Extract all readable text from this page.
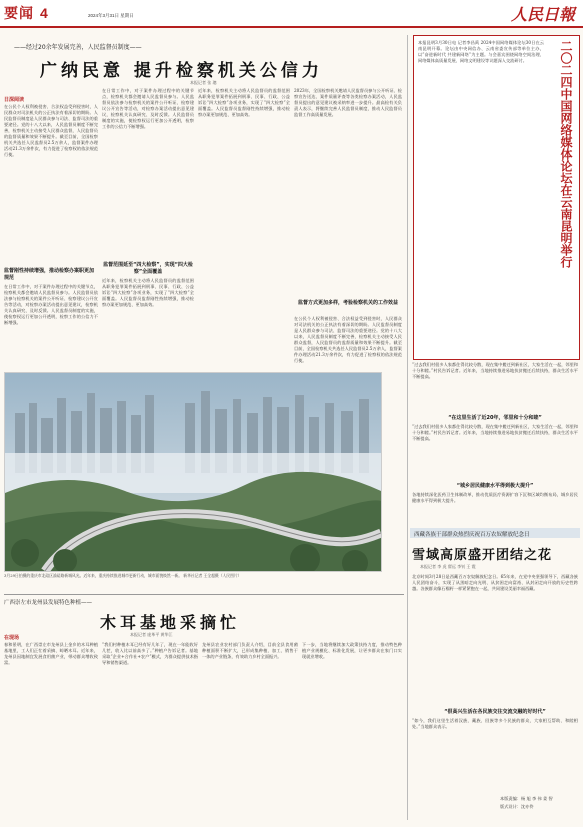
要闻 4	2024年3月31日 星期日	人民日報
——经过20余年发展完善，人民监督员制度——
广纳民意 提升检察机关公信力
本报记者 张 璁
日深阅读
在公民个人权利被侵害、合法权益受到侵害时，人民群众对司法机关的公正执法有着深切的期盼。人民监督员制度是人民群众参与司法、监督司法的重要途径。党的十八大以来，人民监督员制度不断完善，检察机关主动接受人民群众监督，人民监督员的监督质量和效果不断提升。截至目前，全国检察机关共选任人民监督员2.5万余人，监督案件办理活动21.3万余件次，有力促进了检察权的依法规范行使。
监督刚性持续增强，推动检察办案职更加规范
在日常工作中，对于案件办理过程中的关键节点，检察机关都会邀请人民监督员参与。人民监督员依法参与检察机关的案件公开听证、检察建议公开宣告等活动，对检察办案活动提出意见建议，检察机关认真研究、及时反馈。人民监督员制度的实施，使检察权运行更加公开透明，检察工作的公信力不断增强。
在日常工作中，对于案件办理过程中的关键节点，检察机关都会邀请人民监督员参与。人民监督员依法参与检察机关的案件公开听证、检察建议公开宣告等活动，对检察办案活动提出意见建议，检察机关认真研究、及时反馈。人民监督员制度的实施，使检察权运行更加公开透明，检察工作的公信力不断增强。
监督范围延至“四大检察”，实现“四大检察”全面覆盖
近年来，检察机关主动将人民监督员的监督范围从职务犯罪案件拓展到刑事、民事、行政、公益诉讼“四大检察”各项业务，实现了“四大检察”全面覆盖。人民监督员监督刚性持续增强，推动检察办案更加规范、更加高效。
近年来，检察机关主动将人民监督员的监督范围从职务犯罪案件拓展到刑事、民事、行政、公益诉讼“四大检察”各项业务，实现了“四大检察”全面覆盖。人民监督员监督刚性持续增强，推动检察办案更加规范、更加高效。
2023年，全国检察机关邀请人民监督员参与公开听证、检察宣告送达、案件质量评查等各类检察办案活动，人民监督员提出的意见建议被采纳率进一步提升。最高检有关负责人表示，将继续完善人民监督员制度，推动人民监督员监督工作高质量发展。
监督方式更加多样，考验检察机关的工作效益
在公民个人权利被侵害、合法权益受到侵害时，人民群众对司法机关的公正执法有着深切的期盼。人民监督员制度是人民群众参与司法、监督司法的重要途径。党的十八大以来，人民监督员制度不断完善，检察机关主动接受人民群众监督，人民监督员的监督质量和效果不断提升。截至目前，全国检察机关共选任人民监督员2.5万余人，监督案件办理活动21.3万余件次，有力促进了检察权的依法规范行使。
3月29日拍摄的重庆市北碚区渝碚路新城风光。近年来，重庆持续推进城市更新行动，城市面貌焕然一新。 新华社记者 王全超摄（人民图片）
二〇二四中国网络媒体论坛在云南昆明举行
本报昆明3月30日电 记者李昌禹 2024中国网络媒体论坛30日在云南昆明开幕。论坛由中央网信办、云南省委宣传部等单位主办，以“奋进新时代 共建新网络”为主题。与会嘉宾围绕网络空间治理、网络媒体高质量发展、网络文明建设等议题深入交流研讨。
“过去我们村很多人家都住得比较分散，现在集中搬迁到新社区，大家生活在一起，邻里和十分和睦。”村民告诉记者。近年来，当地持续推进易地扶贫搬迁后续扶持，群众生活水平不断提高。
“在这里生活了近20年，邻里和十分和睦”
“过去我们村很多人家都住得比较分散，现在集中搬迁到新社区，大家生活在一起，邻里和十分和睦。”村民告诉记者。近年来，当地持续推进易地扶贫搬迁后续扶持，群众生活水平不断提高。
“城乡居民健康水平得到极大提升”
各地持续深化医药卫生体制改革，推动优质医疗资源扩容下沉和区域均衡布局，城乡居民健康水平得到极大提升。
西藏各族干部群众热烈庆祝百万农奴解放纪念日
雪域高原盛开团结之花
本报记者 李 虎 翟远 李钊 王 霞
北京时间3月28日是西藏百万农奴解放纪念日。65年来，在党中央坚强领导下，西藏各族人民团结奋斗，实现了从黑暗走向光明、从贫困走向富裕、从封闭走向开放的历史性跨越。各族群众像石榴籽一样紧紧抱在一起，共同建设美丽幸福西藏。
“很高兴生活在各民族交往交流交融的好时代”
“如今，我们这里生活着汉族、藏族、回族等多个民族的群众，大家相互帮助、和睦相处。”当地群众表示。
本版责编：杨 旭 李 伟 姜 智
版式设计：沈亦伶
广西崇左市龙州县发展特色种植——
木耳基地采摘忙
本报记者 庞革平 黄华江
在现场
春和景明，在广西崇左市龙州县上金乡的木耳种植基地里，工人们正忙着采摘、晾晒木耳。近年来，龙州县因地制宜发展食用菌产业，带动群众增收致富。
“我们村种植木耳已经有好几年了，现在一年能收好几茬，收入比以前高多了。”种植户告诉记者。基地采取“企业+合作社+农户”模式，为群众提供技术指导和销售渠道。
龙州县农业农村部门负责人介绍，目前全县食用菌种植面积不断扩大，已形成集种植、加工、销售于一体的产业链条，有效助力乡村全面振兴。
下一步，当地将继续加大政策扶持力度，推动特色种植产业规模化、标准化发展，让更多群众在家门口实现就业增收。
